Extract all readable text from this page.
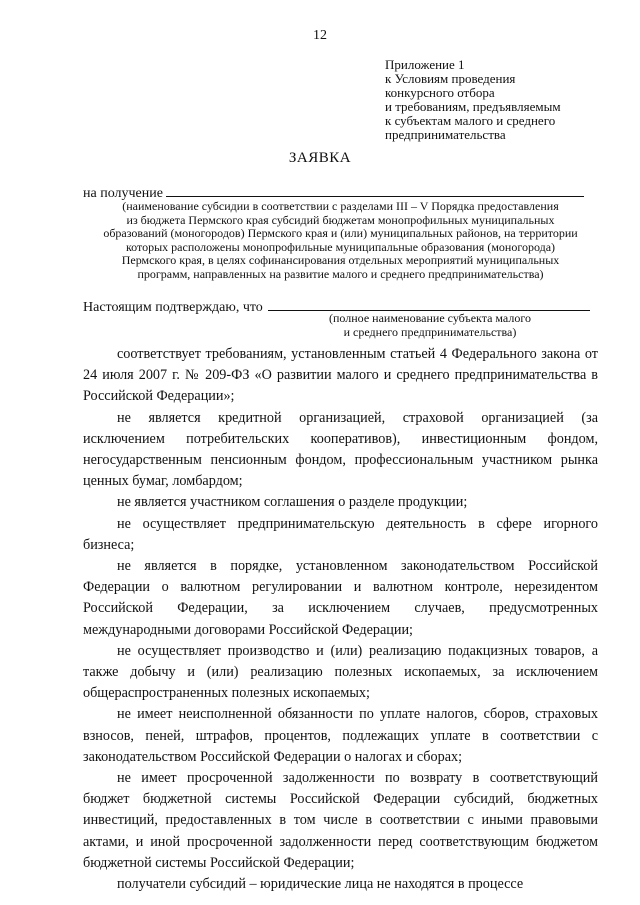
12
Приложение 1
к Условиям проведения
конкурсного отбора
и требованиям, предъявляемым
к субъектам малого и среднего
предпринимательства
ЗАЯВКА
на получение
(наименование субсидии в соответствии с разделами III – V Порядка предоставления
из бюджета Пермского края субсидий бюджетам монопрофильных муниципальных
образований (моногородов) Пермского края и (или) муниципальных районов, на территории
которых расположены монопрофильные муниципальные образования (моногорода)
Пермского края, в целях софинансирования отдельных мероприятий муниципальных
программ, направленных на развитие малого и среднего предпринимательства)
Настоящим подтверждаю, что
(полное наименование субъекта малого
и среднего предпринимательства)

соответствует требованиям, установленным статьей 4 Федерального закона от 24 июля 2007 г. № 209-ФЗ «О развитии малого и среднего предпринимательства в Российской Федерации»;

не является кредитной организацией, страховой организацией (за исключением потребительских кооперативов), инвестиционным фондом, негосударственным пенсионным фондом, профессиональным участником рынка ценных бумаг, ломбардом;

не является участником соглашения о разделе продукции;

не осуществляет предпринимательскую деятельность в сфере игорного бизнеса;

не является в порядке, установленном законодательством Российской Федерации о валютном регулировании и валютном контроле, нерезидентом Российской Федерации, за исключением случаев, предусмотренных международными договорами Российской Федерации;

не осуществляет производство и (или) реализацию подакцизных товаров, а также добычу и (или) реализацию полезных ископаемых, за исключением общераспространенных полезных ископаемых;

не имеет неисполненной обязанности по уплате налогов, сборов, страховых взносов, пеней, штрафов, процентов, подлежащих уплате в соответствии с законодательством Российской Федерации о налогах и сборах;

не имеет просроченной задолженности по возврату в соответствующий бюджет бюджетной системы Российской Федерации субсидий, бюджетных инвестиций, предоставленных в том числе в соответствии с иными правовыми актами, и иной просроченной задолженности перед соответствующим бюджетом бюджетной системы Российской Федерации;

получатели субсидий – юридические лица не находятся в процессе
